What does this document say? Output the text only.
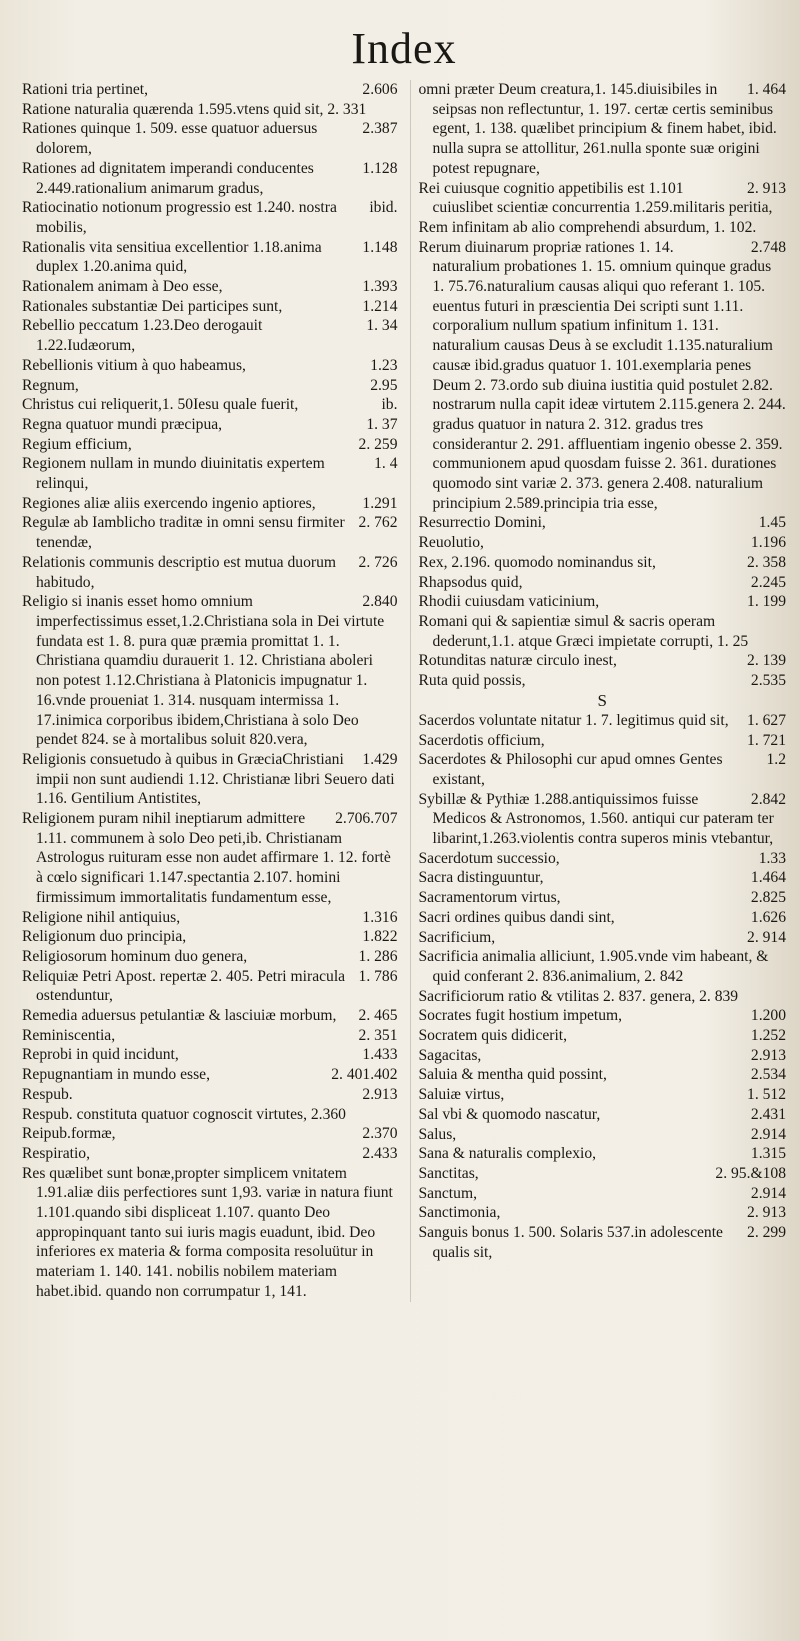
Index
2.606
Rationi tria pertinet,
Ratione naturalia quærenda 1.595.vtens quid sit, 2. 331
2.387
Rationes quinque 1. 509. esse quatuor aduersus dolorem,
1.128
Rationes ad dignitatem imperandi conducentes 2.449.rationalium animarum gradus,
ibid.
Ratiocinatio notionum progressio est 1.240. nostra mobilis,
1.148
Rationalis vita sensitiua excellentior 1.18.anima duplex 1.20.anima quid,
1.393
Rationalem animam à Deo esse,
1.214
Rationales substantiæ Dei participes sunt,
1. 34
Rebellio peccatum 1.23.Deo derogauit 1.22.Iudæorum,
1.23
Rebellionis vitium à quo habeamus,
2.95
Regnum,
ib.
Christus cui reliquerit,1. 50Iesu quale fuerit,
1. 37
Regna quatuor mundi præcipua,
2. 259
Regium efficium,
1. 4
Regionem nullam in mundo diuinitatis expertem relinqui,
1.291
Regiones aliæ aliis exercendo ingenio aptiores,
2. 762
Regulæ ab Iamblicho traditæ in omni sensu firmiter tenendæ,
2. 726
Relationis communis descriptio est mutua duorum habitudo,
2.840
Religio si inanis esset homo omnium imperfectissimus esset,1.2.Christiana sola in Dei virtute fundata est 1. 8. pura quæ præmia promittat 1. 1. Christiana quamdiu durauerit 1. 12. Christiana aboleri non potest 1.12.Christiana à Platonicis impugnatur 1. 16.vnde proueniat 1. 314. nusquam intermissa 1. 17.inimica corporibus ibidem,Christiana à solo Deo pendet 824. se à mortalibus soluit 820.vera,
1.429
Religionis consuetudo à quibus in GræciaChristiani impii non sunt audiendi 1.12. Christianæ libri Seuero dati 1.16. Gentilium Antistites,
2.706.707
Religionem puram nihil ineptiarum admittere 1.11. communem à solo Deo peti,ib. Christianam Astrologus ruituram esse non audet affirmare 1. 12. fortè à cœlo significari 1.147.spectantia 2.107. homini firmissimum immortalitatis fundamentum esse,
1.316
Religione nihil antiquius,
1.822
Religionum duo principia,
1. 286
Religiosorum hominum duo genera,
1. 786
Reliquiæ Petri Apost. repertæ 2. 405. Petri miracula ostenduntur,
2. 465
Remedia aduersus petulantiæ & lasciuiæ morbum,
2. 351
Reminiscentia,
1.433
Reprobi in quid incidunt,
2. 401.402
Repugnantiam in mundo esse,
2.913
Respub.
Respub. constituta quatuor cognoscit virtutes, 2.360
2.370
Reipub.formæ,
2.433
Respiratio,
Res quælibet sunt bonæ,propter simplicem vnitatem 1.91.aliæ diis perfectiores sunt 1,93. variæ in natura fiunt 1.101.quando sibi displiceat 1.107. quanto Deo appropinquant tanto sui iuris magis euadunt, ibid. Deo inferiores ex materia & forma composita resoluütur in materiam 1. 140. 141. nobilis nobilem materiam habet.ibid. quando non corrumpatur 1, 141.
1. 464
omni præter Deum creatura,1. 145.diuisibiles in seipsas non reflectuntur, 1. 197. certæ certis seminibus egent, 1. 138. quælibet principium & finem habet, ibid. nulla supra se attollitur, 261.nulla sponte suæ origini potest repugnare,
2. 913
Rei cuiusque cognitio appetibilis est 1.101 cuiuslibet scientiæ concurrentia 1.259.militaris peritia,
Rem infinitam ab alio comprehendi absurdum, 1. 102.
2.748
Rerum diuinarum propriæ rationes 1. 14. naturalium probationes 1. 15. omnium quinque gradus 1. 75.76.naturalium causas aliqui quo referant 1. 105. euentus futuri in præscientia Dei scripti sunt 1.11. corporalium nullum spatium infinitum 1. 131. naturalium causas Deus à se excludit 1.135.naturalium causæ ibid.gradus quatuor 1. 101.exemplaria penes Deum 2. 73.ordo sub diuina iustitia quid postulet 2.82. nostrarum nulla capit ideæ virtutem 2.115.genera 2. 244. gradus quatuor in natura 2. 312. gradus tres considerantur 2. 291. affluentiam ingenio obesse 2. 359. communionem apud quosdam fuisse 2. 361. durationes quomodo sint variæ 2. 373. genera 2.408. naturalium principium 2.589.principia tria esse,
1.45
Resurrectio Domini,
1.196
Reuolutio,
2. 358
Rex, 2.196. quomodo nominandus sit,
2.245
Rhapsodus quid,
1. 199
Rhodii cuiusdam vaticinium,
Romani qui & sapientiæ simul & sacris operam dederunt,1.1. atque Græci impietate corrupti, 1. 25
2. 139
Rotunditas naturæ circulo inest,
2.535
Ruta quid possis,
S
1. 627
Sacerdos voluntate nitatur 1. 7. legitimus quid sit,
1. 721
Sacerdotis officium,
1.2
Sacerdotes & Philosophi cur apud omnes Gentes existant,
2.842
Sybillæ & Pythiæ 1.288.antiquissimos fuisse Medicos & Astronomos, 1.560. antiqui cur pateram ter libarint,1.263.violentis contra superos minis vtebantur,
1.33
Sacerdotum successio,
1.464
Sacra distinguuntur,
2.825
Sacramentorum virtus,
1.626
Sacri ordines quibus dandi sint,
2. 914
Sacrificium,
Sacrificia animalia alliciunt, 1.905.vnde vim habeant, & quid conferant 2. 836.animalium, 2. 842
Sacrificiorum ratio & vtilitas 2. 837. genera, 2. 839
1.200
Socrates fugit hostium impetum,
1.252
Socratem quis didicerit,
2.913
Sagacitas,
2.534
Saluia & mentha quid possint,
1. 512
Saluiæ virtus,
2.431
Sal vbi & quomodo nascatur,
2.914
Salus,
1.315
Sana & naturalis complexio,
2. 95.&108
Sanctitas,
2.914
Sanctum,
2. 913
Sanctimonia,
2. 299
Sanguis bonus 1. 500. Solaris 537.in adolescente qualis sit,
